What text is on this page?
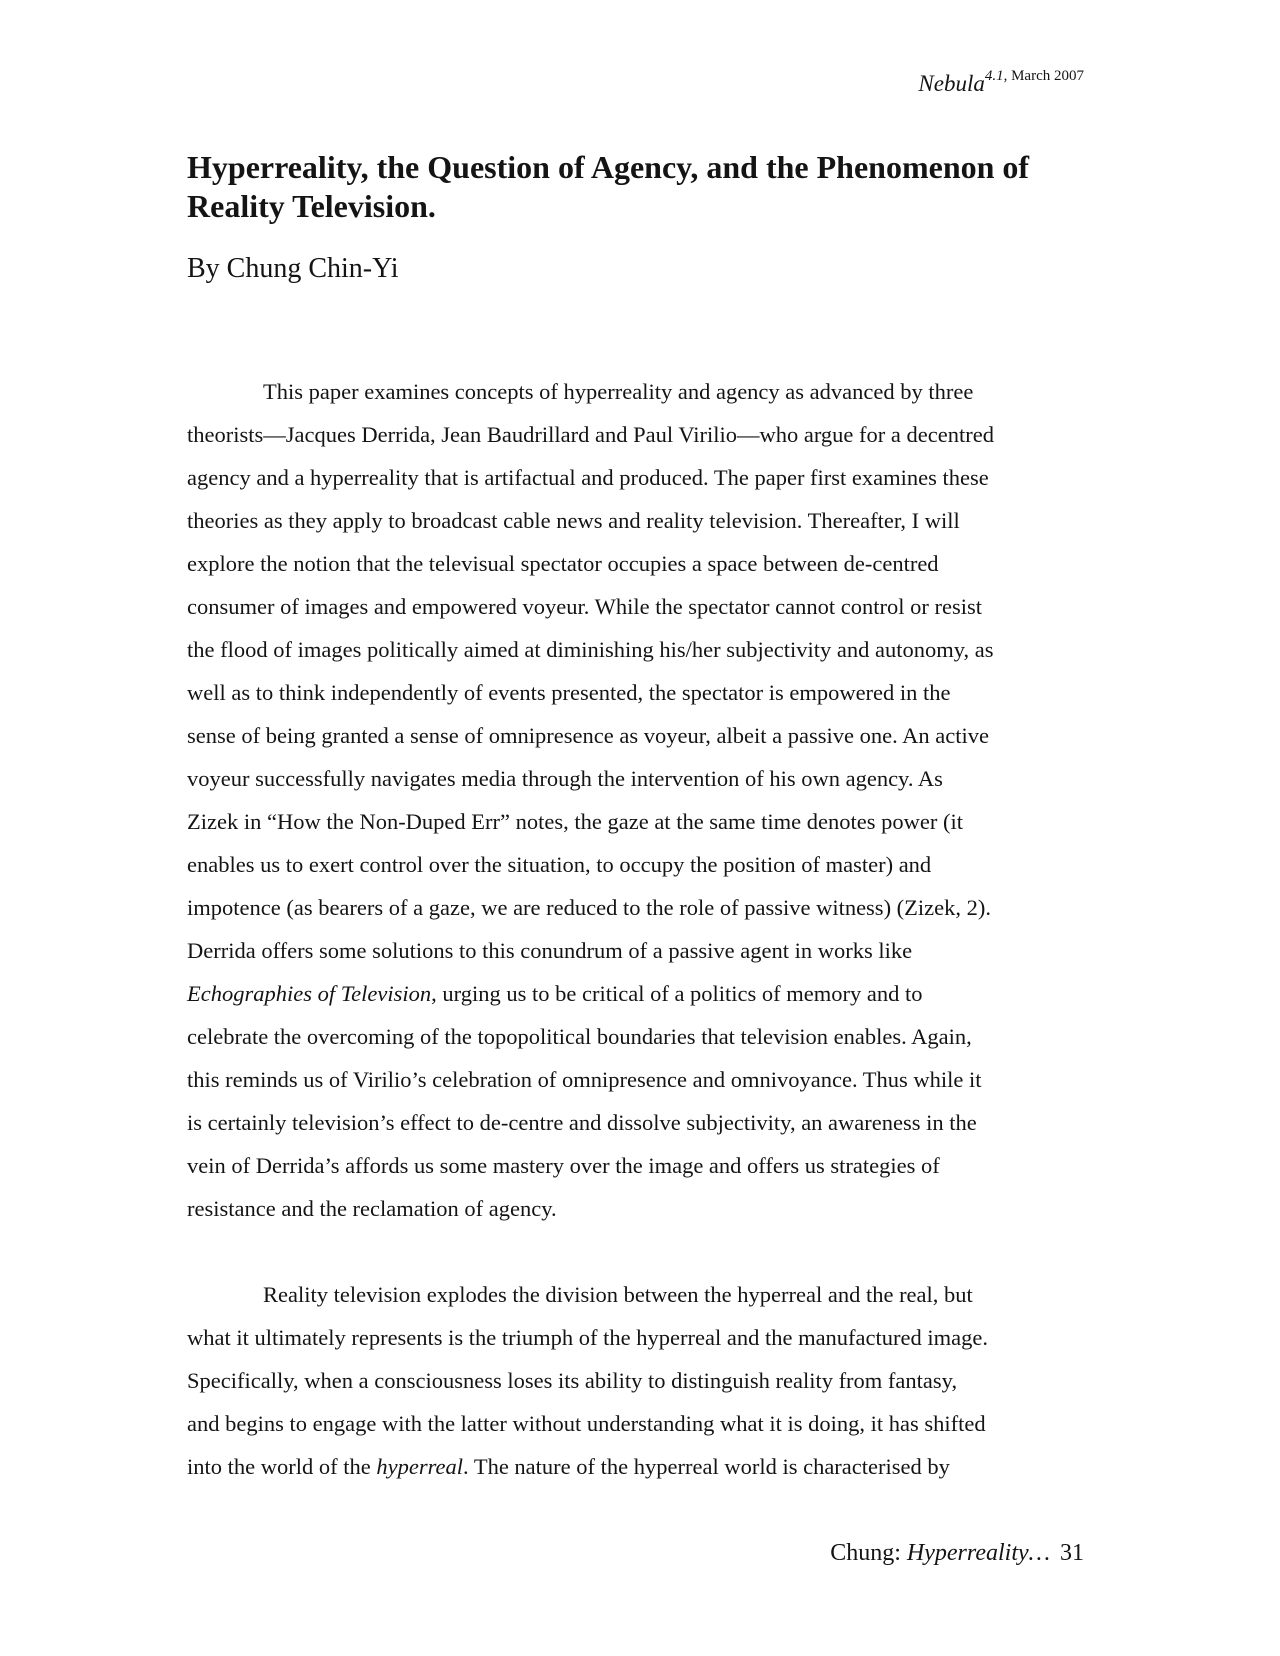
Nebula$^{4.1, March 2007}$
Hyperreality, the Question of Agency, and the Phenomenon of
Reality Television.

By Chung Chin-Yi

This paper examines concepts of hyperreality and agency as advanced by three
theorists—Jacques Derrida, Jean Baudrillard and Paul Virilio—who argue for a decentred
agency and a hyperreality that is artifactual and produced. The paper first examines these
theories as they apply to broadcast cable news and reality television. Thereafter, I will
explore the notion that the televisual spectator occupies a space between de-centred
consumer of images and empowered voyeur. While the spectator cannot control or resist
the flood of images politically aimed at diminishing his/her subjectivity and autonomy, as
well as to think independently of events presented, the spectator is empowered in the
sense of being granted a sense of omnipresence as voyeur, albeit a passive one. An active
voyeur successfully navigates media through the intervention of his own agency. As
Zizek in “How the Non-Duped Err” notes, the gaze at the same time denotes power (it
enables us to exert control over the situation, to occupy the position of master) and
impotence (as bearers of a gaze, we are reduced to the role of passive witness) (Zizek, 2).
Derrida offers some solutions to this conundrum of a passive agent in works like
Echographies of Television, urging us to be critical of a politics of memory and to
celebrate the overcoming of the topopolitical boundaries that television enables. Again,
this reminds us of Virilio’s celebration of omnipresence and omnivoyance. Thus while it
is certainly television’s effect to de-centre and dissolve subjectivity, an awareness in the
vein of Derrida’s affords us some mastery over the image and offers us strategies of
resistance and the reclamation of agency.
Reality television explodes the division between the hyperreal and the real, but
what it ultimately represents is the triumph of the hyperreal and the manufactured image.
Specifically, when a consciousness loses its ability to distinguish reality from fantasy,
and begins to engage with the latter without understanding what it is doing, it has shifted
into the world of the hyperreal. The nature of the hyperreal world is characterised by
Chung: Hyperreality… 31
